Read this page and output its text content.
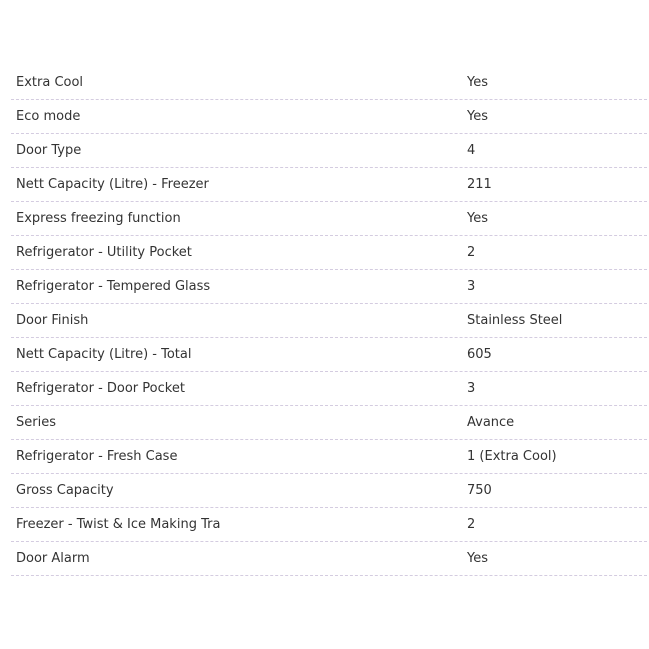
Extra Cool	Yes
Eco mode	Yes
Door Type	4
Nett Capacity (Litre) - Freezer	211
Express freezing function	Yes
Refrigerator - Utility Pocket	2
Refrigerator - Tempered Glass	3
Door Finish	Stainless Steel
Nett Capacity (Litre) - Total	605
Refrigerator - Door Pocket	3
Series	Avance
Refrigerator - Fresh Case	1 (Extra Cool)
Gross Capacity	750
Freezer - Twist & Ice Making Tra	2
Door Alarm	Yes
